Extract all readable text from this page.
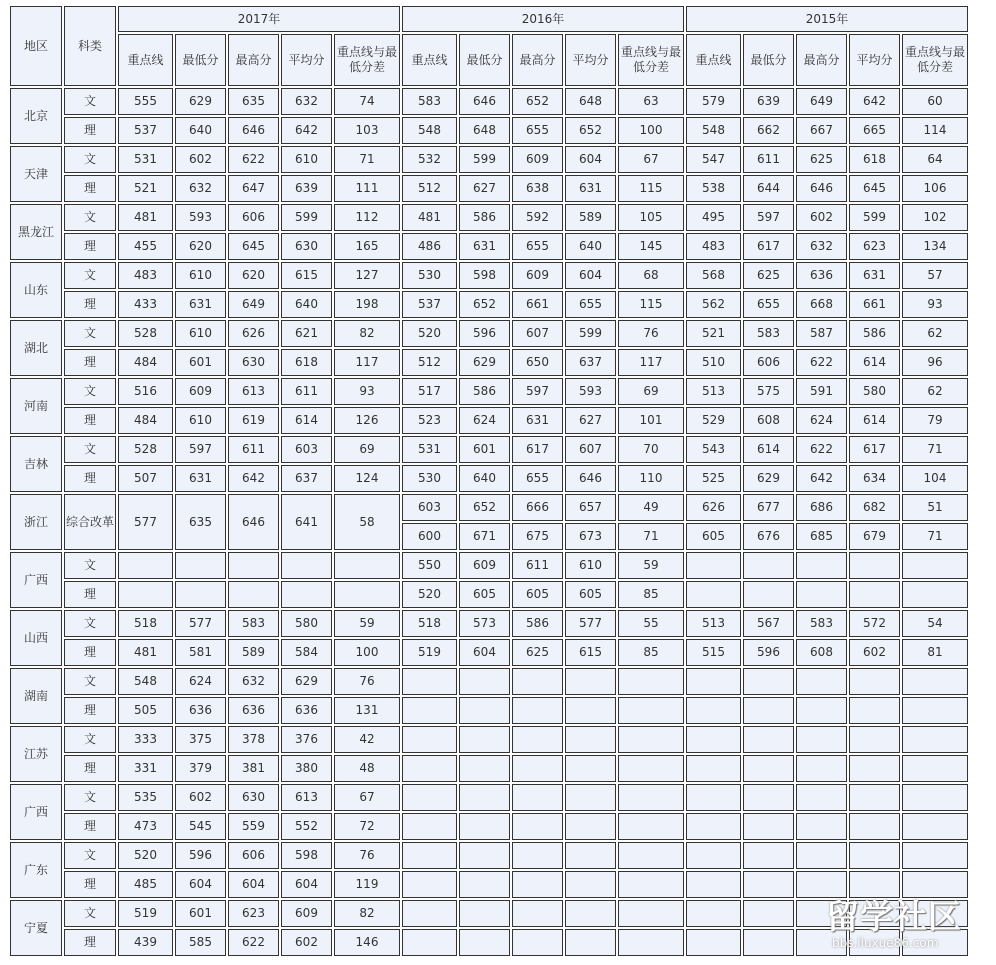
地区	科类	2017年					2016年					2015年				
		重点线	最低分	最高分	平均分	重点线与最低分差	重点线	最低分	最高分	平均分	重点线与最低分差	重点线	最低分	最高分	平均分	重点线与最低分差
北京	文	555	629	635	632	74	583	646	652	648	63	579	639	649	642	60
	理	537	640	646	642	103	548	648	655	652	100	548	662	667	665	114
天津	文	531	602	622	610	71	532	599	609	604	67	547	611	625	618	64
	理	521	632	647	639	111	512	627	638	631	115	538	644	646	645	106
黑龙江	文	481	593	606	599	112	481	586	592	589	105	495	597	602	599	102
	理	455	620	645	630	165	486	631	655	640	145	483	617	632	623	134
山东	文	483	610	620	615	127	530	598	609	604	68	568	625	636	631	57
	理	433	631	649	640	198	537	652	661	655	115	562	655	668	661	93
湖北	文	528	610	626	621	82	520	596	607	599	76	521	583	587	586	62
	理	484	601	630	618	117	512	629	650	637	117	510	606	622	614	96
河南	文	516	609	613	611	93	517	586	597	593	69	513	575	591	580	62
	理	484	610	619	614	126	523	624	631	627	101	529	608	624	614	79
吉林	文	528	597	611	603	69	531	601	617	607	70	543	614	622	617	71
	理	507	631	642	637	124	530	640	655	646	110	525	629	642	634	104
浙江	综合改革	577	635	646	641	58	603	652	666	657	49	626	677	686	682	51
							600	671	675	673	71	605	676	685	679	71
广西	文						550	609	611	610	59					
	理						520	605	605	605	85					
山西	文	518	577	583	580	59	518	573	586	577	55	513	567	583	572	54
	理	481	581	589	584	100	519	604	625	615	85	515	596	608	602	81
湖南	文	548	624	632	629	76										
	理	505	636	636	636	131										
江苏	文	333	375	378	376	42										
	理	331	379	381	380	48										
广西	文	535	602	630	613	67										
	理	473	545	559	552	72										
广东	文	520	596	606	598	76										
	理	485	604	604	604	119										
宁夏	文	519	601	623	609	82										
	理	439	585	622	602	146										
留学社区
bbs.liuxue86.com
